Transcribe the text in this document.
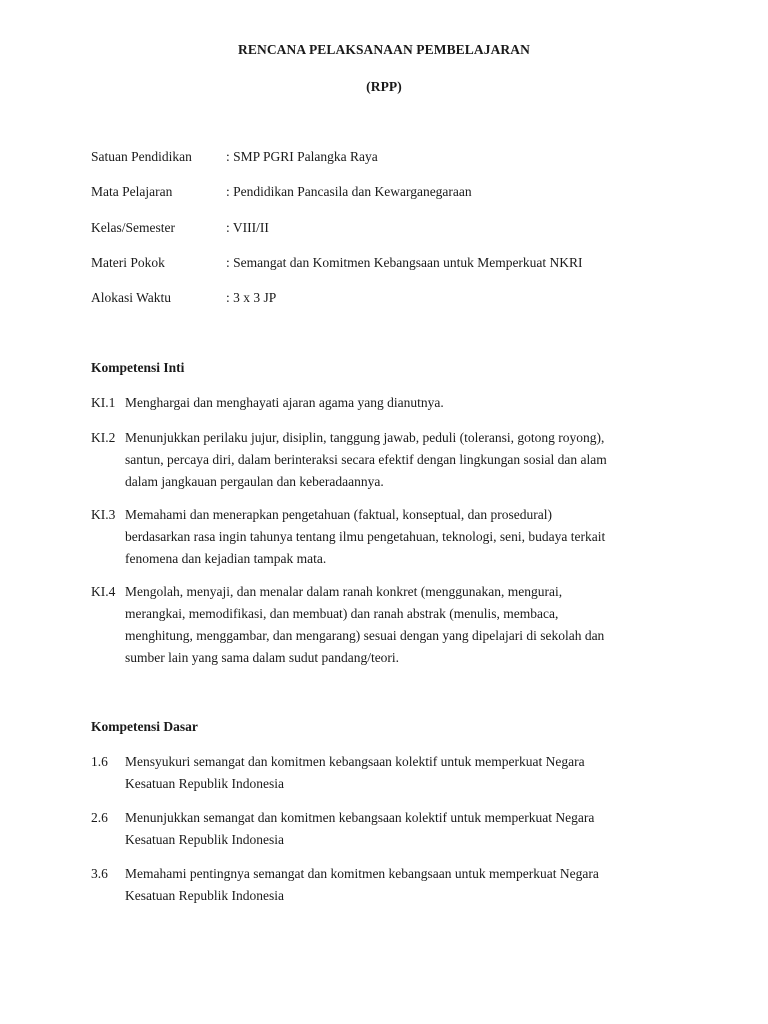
RENCANA PELAKSANAAN PEMBELAJARAN
(RPP)
Satuan Pendidikan	: SMP PGRI Palangka Raya
Mata Pelajaran	: Pendidikan Pancasila dan Kewarganegaraan
Kelas/Semester	: VIII/II
Materi Pokok	: Semangat dan Komitmen Kebangsaan untuk Memperkuat NKRI
Alokasi Waktu	: 3 x 3 JP
Kompetensi Inti
KI.1 Menghargai dan menghayati ajaran agama yang dianutnya.
KI.2 Menunjukkan perilaku jujur, disiplin, tanggung jawab, peduli (toleransi, gotong royong),
santun, percaya diri, dalam berinteraksi secara efektif dengan lingkungan sosial dan alam
dalam jangkauan pergaulan dan keberadaannya.
KI.3 Memahami dan menerapkan pengetahuan (faktual, konseptual, dan prosedural)
berdasarkan rasa ingin tahunya tentang ilmu pengetahuan, teknologi, seni, budaya terkait
fenomena dan kejadian tampak mata.
KI.4 Mengolah, menyaji, dan menalar dalam ranah konkret (menggunakan, mengurai,
merangkai, memodifikasi, dan membuat) dan ranah abstrak (menulis, membaca,
menghitung, menggambar, dan mengarang) sesuai dengan yang dipelajari di sekolah dan
sumber lain yang sama dalam sudut pandang/teori.
Kompetensi Dasar
1.6 Mensyukuri semangat dan komitmen kebangsaan kolektif untuk memperkuat Negara
Kesatuan Republik Indonesia
2.6 Menunjukkan semangat dan komitmen kebangsaan kolektif untuk memperkuat Negara
Kesatuan Republik Indonesia
3.6 Memahami pentingnya semangat dan komitmen kebangsaan untuk memperkuat Negara
Kesatuan Republik Indonesia
